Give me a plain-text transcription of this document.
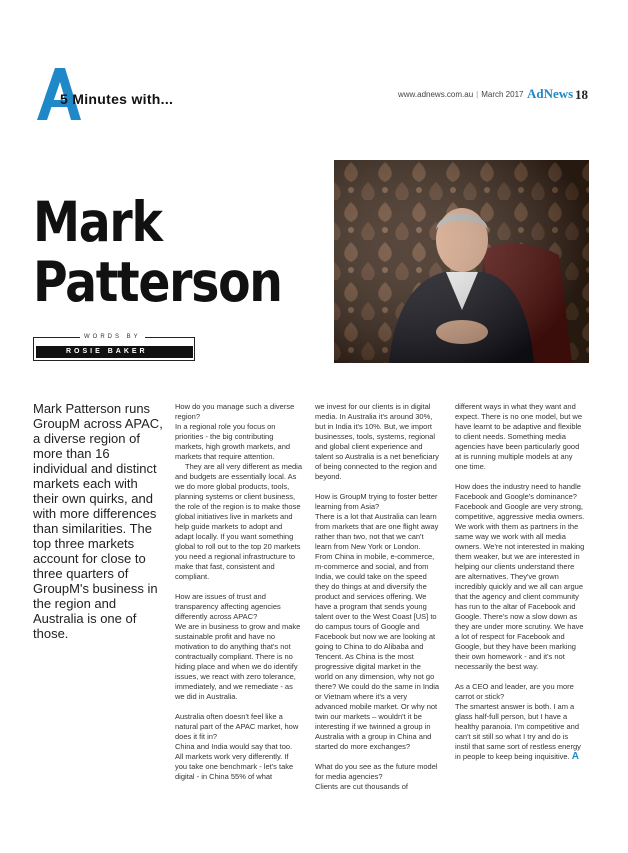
5 Minutes with...	www.adnews.com.au | March 2017 AdNews 18
Mark
Patterson
WORDS BY
ROSIE BAKER
Mark Patterson runs GroupM across APAC, a diverse region of more than 16 individual and distinct markets each with their own quirks, and with more differences than similarities. The top three markets account for close to three quarters of GroupM's business in the region and Australia is one of those.

How do you manage such a diverse region?
In a regional role you focus on priorities - the big contributing markets, high growth markets, and markets that require attention.
They are all very different as media and budgets are essentially local. As we do more global products, tools, planning systems or client business, the role of the region is to make those global initiatives live in markets and help guide markets to adopt and adapt locally. If you want something global to roll out to the top 20 markets you need a regional infrastructure to make that fast, consistent and compliant.

How are issues of trust and transparency affecting agencies differently across APAC?
We are in business to grow and make sustainable profit and have no motivation to do anything that's not contractually compliant. There is no hiding place and when we do identify issues, we react with zero tolerance, immediately, and we remediate - as we did in Australia.

Australia often doesn't feel like a natural part of the APAC market, how does it fit in?
China and India would say that too. All markets work very differently. If you take one benchmark - let's take digital - in China 55% of what

we invest for our clients is in digital media. In Australia it's around 30%, but in India it's 10%. But, we import businesses, tools, systems, regional and global client experience and talent so Australia is a net beneficiary of being connected to the region and beyond.

How is GroupM trying to foster better learning from Asia?
There is a lot that Australia can learn from markets that are one flight away rather than two, not that we can't learn from New York or London. From China in mobile, e-commerce, m-commerce and social, and from India, we could take on the speed they do things at and diversify the product and services offering. We have a program that sends young talent over to the West Coast [US] to do campus tours of Google and Facebook but now we are looking at going to China to do Alibaba and Tencent. As China is the most progressive digital market in the world on any dimension, why not go there? We could do the same in India or Vietnam where it's a very advanced mobile market. Or why not twin our markets – wouldn't it be interesting if we twinned a group in Australia with a group in China and started do more exchanges?

What do you see as the future model for media agencies?
Clients are cut thousands of

different ways in what they want and expect. There is no one model, but we have learnt to be adaptive and flexible to client needs. Something media agencies have been particularly good at is running multiple models at any one time.

How does the industry need to handle Facebook and Google's dominance?
Facebook and Google are very strong, competitive, aggressive media owners. We work with them as partners in the same way we work with all media owners. We're not interested in making them weaker, but we are interested in helping our clients understand there are alternatives. They've grown incredibly quickly and we all can argue that the agency and client community has run to the altar of Facebook and Google. There's now a slow down as they are under more scrutiny. We have a lot of respect for Facebook and Google, but they have been marking their own homework - and it's not necessarily the best way.

As a CEO and leader, are you more carrot or stick?
The smartest answer is both. I am a glass half-full person, but I have a healthy paranoia. I'm competitive and can't sit still so what I try and do is instil that same sort of restless energy in people to keep being inquisitive. A
